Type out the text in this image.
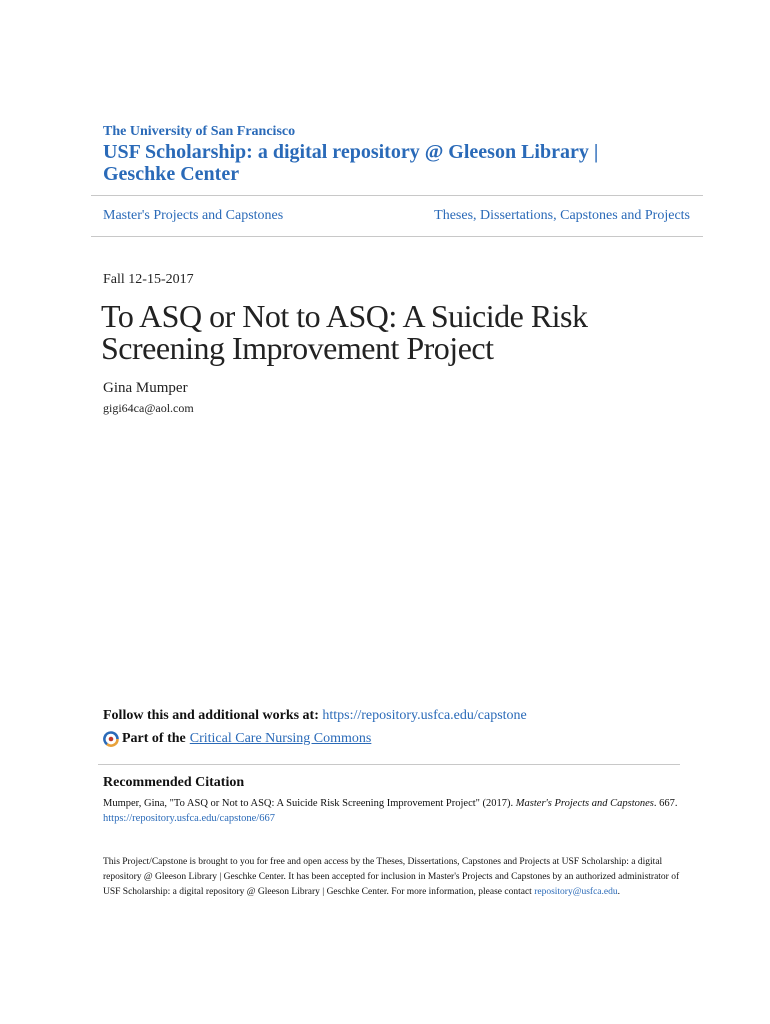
The University of San Francisco
USF Scholarship: a digital repository @ Gleeson Library | Geschke Center
Master's Projects and Capstones	Theses, Dissertations, Capstones and Projects
Fall 12-15-2017
To ASQ or Not to ASQ: A Suicide Risk Screening Improvement Project
Gina Mumper
gigi64ca@aol.com
Follow this and additional works at: https://repository.usfca.edu/capstone
Part of the Critical Care Nursing Commons
Recommended Citation
Mumper, Gina, "To ASQ or Not to ASQ: A Suicide Risk Screening Improvement Project" (2017). Master's Projects and Capstones. 667.
https://repository.usfca.edu/capstone/667
This Project/Capstone is brought to you for free and open access by the Theses, Dissertations, Capstones and Projects at USF Scholarship: a digital repository @ Gleeson Library | Geschke Center. It has been accepted for inclusion in Master's Projects and Capstones by an authorized administrator of USF Scholarship: a digital repository @ Gleeson Library | Geschke Center. For more information, please contact repository@usfca.edu.
